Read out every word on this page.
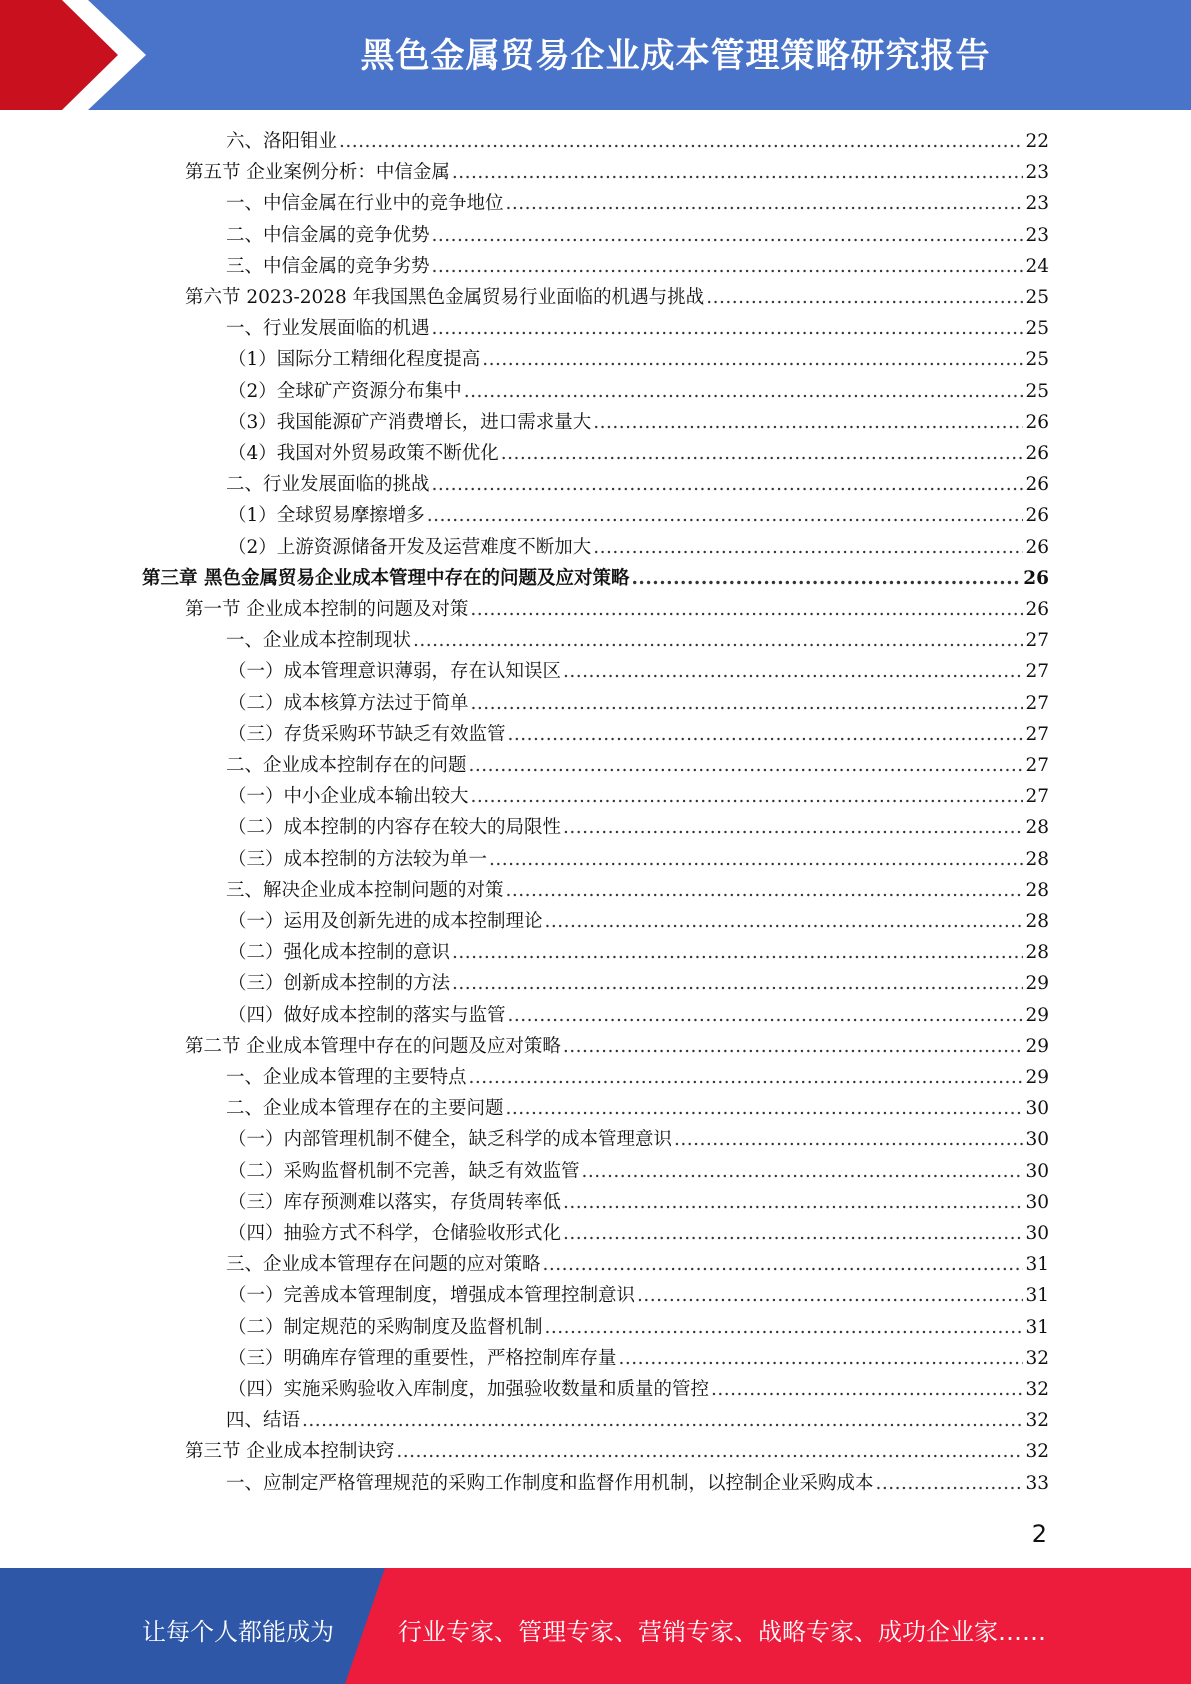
黑色金属贸易企业成本管理策略研究报告
六、洛阳钼业 .....	22
第五节 企业案例分析：中信金属 .....	23
一、中信金属在行业中的竞争地位 .....	23
二、中信金属的竞争优势 .....	23
三、中信金属的竞争劣势 .....	24
第六节 2023-2028 年我国黑色金属贸易行业面临的机遇与挑战 .....	25
一、行业发展面临的机遇 .....	25
（1）国际分工精细化程度提高 .....	25
（2）全球矿产资源分布集中 .....	25
（3）我国能源矿产消费增长，进口需求量大 .....	26
（4）我国对外贸易政策不断优化 .....	26
二、行业发展面临的挑战 .....	26
（1）全球贸易摩擦增多 .....	26
（2）上游资源储备开发及运营难度不断加大 .....	26
第三章 黑色金属贸易企业成本管理中存在的问题及应对策略 .....	26
第一节 企业成本控制的问题及对策 .....	26
一、企业成本控制现状 .....	27
（一）成本管理意识薄弱，存在认知误区 .....	27
（二）成本核算方法过于简单 .....	27
（三）存货采购环节缺乏有效监管 .....	27
二、企业成本控制存在的问题 .....	27
（一）中小企业成本输出较大 .....	27
（二）成本控制的内容存在较大的局限性 .....	28
（三）成本控制的方法较为单一 .....	28
三、解决企业成本控制问题的对策 .....	28
（一）运用及创新先进的成本控制理论 .....	28
（二）强化成本控制的意识 .....	28
（三）创新成本控制的方法 .....	29
（四）做好成本控制的落实与监管 .....	29
第二节 企业成本管理中存在的问题及应对策略 .....	29
一、企业成本管理的主要特点 .....	29
二、企业成本管理存在的主要问题 .....	30
（一）内部管理机制不健全，缺乏科学的成本管理意识 .....	30
（二）采购监督机制不完善，缺乏有效监管 .....	30
（三）库存预测难以落实，存货周转率低 .....	30
（四）抽验方式不科学，仓储验收形式化 .....	30
三、企业成本管理存在问题的应对策略 .....	31
（一）完善成本管理制度，增强成本管理控制意识 .....	31
（二）制定规范的采购制度及监督机制 .....	31
（三）明确库存管理的重要性，严格控制库存量 .....	32
（四）实施采购验收入库制度，加强验收数量和质量的管控 .....	32
四、结语 .....	32
第三节 企业成本控制诀窍 .....	32
一、应制定严格管理规范的采购工作制度和监督作用机制，以控制企业采购成本 .....	33
2
让每个人都能成为	行业专家、管理专家、营销专家、战略专家、成功企业家……
